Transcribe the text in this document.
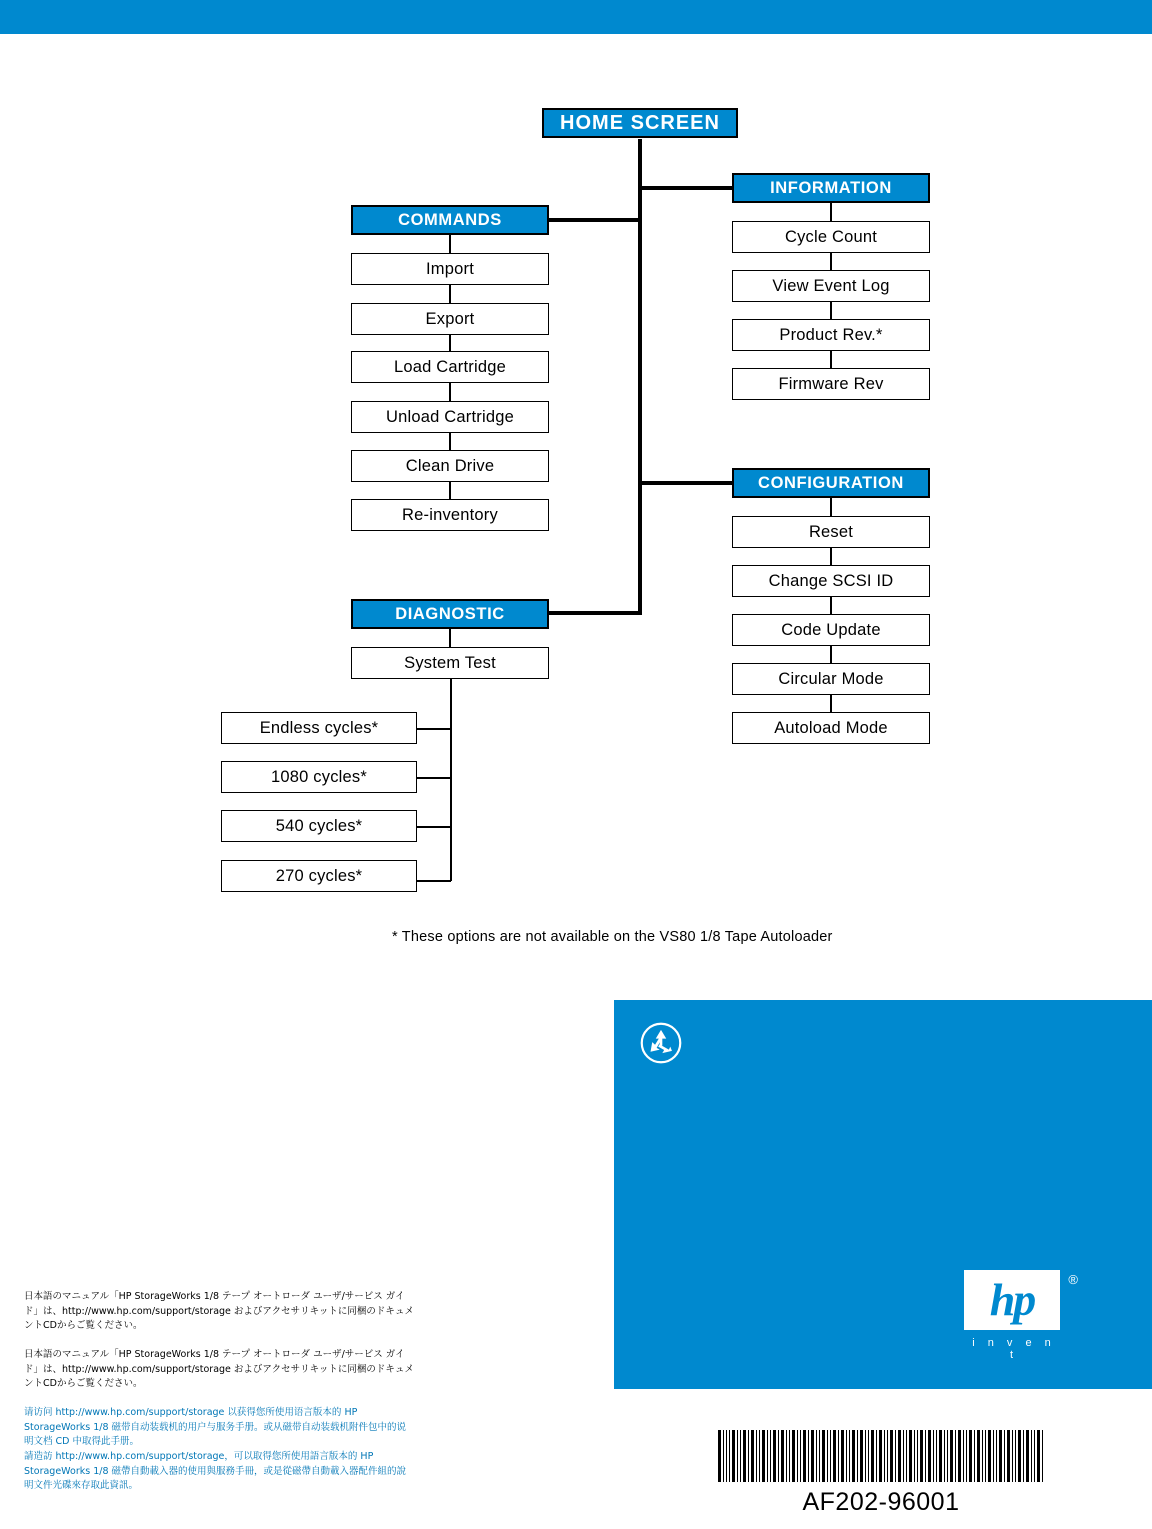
HOME SCREEN
COMMANDS
Import
Export
Load Cartridge
Unload Cartridge
Clean Drive
Re-inventory
INFORMATION
Cycle Count
View Event Log
Product Rev.*
Firmware Rev
CONFIGURATION
Reset
Change SCSI ID
Code Update
Circular Mode
Autoload Mode
DIAGNOSTIC
System Test
Endless cycles*
1080 cycles*
540 cycles*
270 cycles*
* These options are not available on the VS80 1/8 Tape Autoloader
hp	®
i n v e n t
日本語のマニュアル「HP StorageWorks 1/8 テープ オートローダ ユーザ/サービス ガイド」は、http://www.hp.com/support/storage およびアクセサリキットに同梱のドキュメントCDからご覧ください。
日本語のマニュアル「HP StorageWorks 1/8 テープ オートローダ ユーザ/サービス ガイド」は、http://www.hp.com/support/storage およびアクセサリキットに同梱のドキュメントCDからご覧ください。
请访问 http://www.hp.com/support/storage 以获得您所使用语言版本的 HP StorageWorks 1/8 磁带自动装载机的用户与服务手册。或从磁带自动装载机附件包中的说明文档 CD 中取得此手册。
請造訪 http://www.hp.com/support/storage，可以取得您所使用語言版本的 HP StorageWorks 1/8 磁帶自動載入器的使用與服務手冊，或是從磁帶自動載入器配件組的說明文件光碟來存取此資訊。
AF202-96001
